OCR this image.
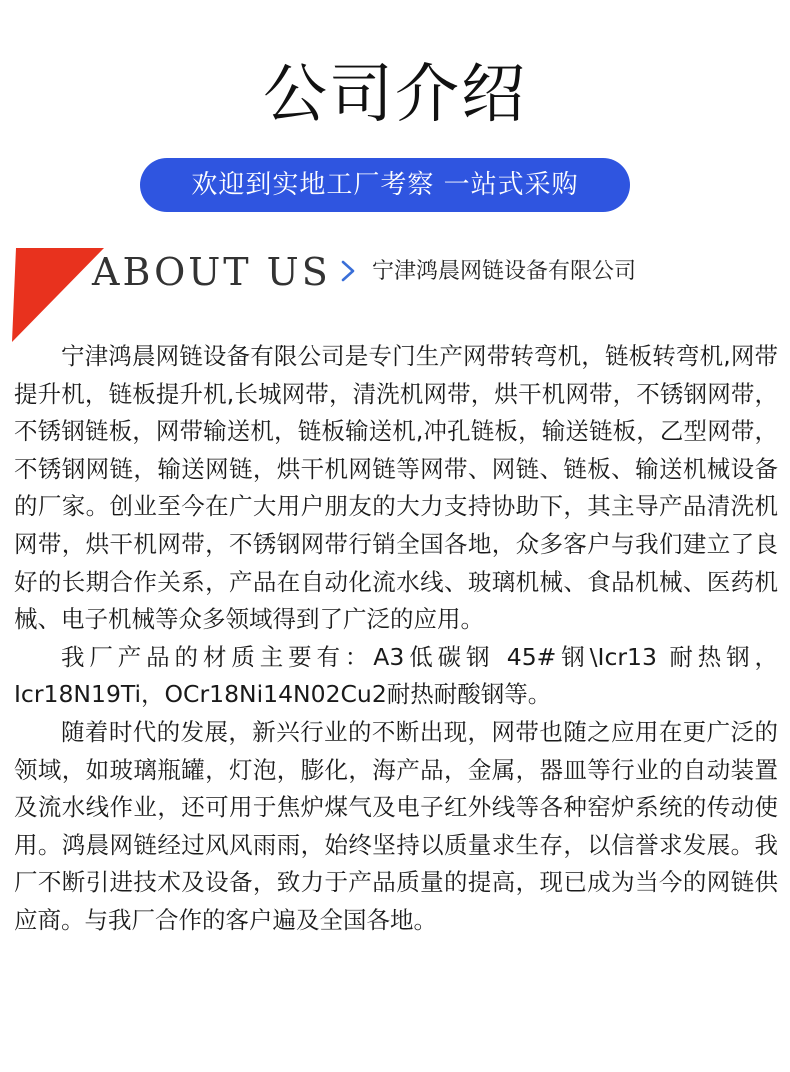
公司介绍
欢迎到实地工厂考察 一站式采购
ABOUT US 宁津鸿晨网链设备有限公司

宁津鸿晨网链设备有限公司是专门生产网带转弯机，链板转弯机,网带提升机，链板提升机,长城网带，清洗机网带，烘干机网带，不锈钢网带，不锈钢链板，网带输送机，链板输送机,冲孔链板，输送链板，乙型网带，不锈钢网链，输送网链，烘干机网链等网带、网链、链板、输送机械设备的厂家。创业至今在广大用户朋友的大力支持协助下，其主导产品清洗机网带，烘干机网带，不锈钢网带行销全国各地，众多客户与我们建立了良好的长期合作关系，产品在自动化流水线、玻璃机械、食品机械、医药机械、电子机械等众多领域得到了广泛的应用。

我厂产品的材质主要有：A3低碳钢 45#钢\Icr13 耐热钢，Icr18N19Ti，OCr18Ni14N02Cu2耐热耐酸钢等。

随着时代的发展，新兴行业的不断出现，网带也随之应用在更广泛的领域，如玻璃瓶罐，灯泡，膨化，海产品，金属，器皿等行业的自动装置及流水线作业，还可用于焦炉煤气及电子红外线等各种窑炉系统的传动使用。鸿晨网链经过风风雨雨，始终坚持以质量求生存，以信誉求发展。我厂不断引进技术及设备，致力于产品质量的提高，现已成为当今的网链供应商。与我厂合作的客户遍及全国各地。
